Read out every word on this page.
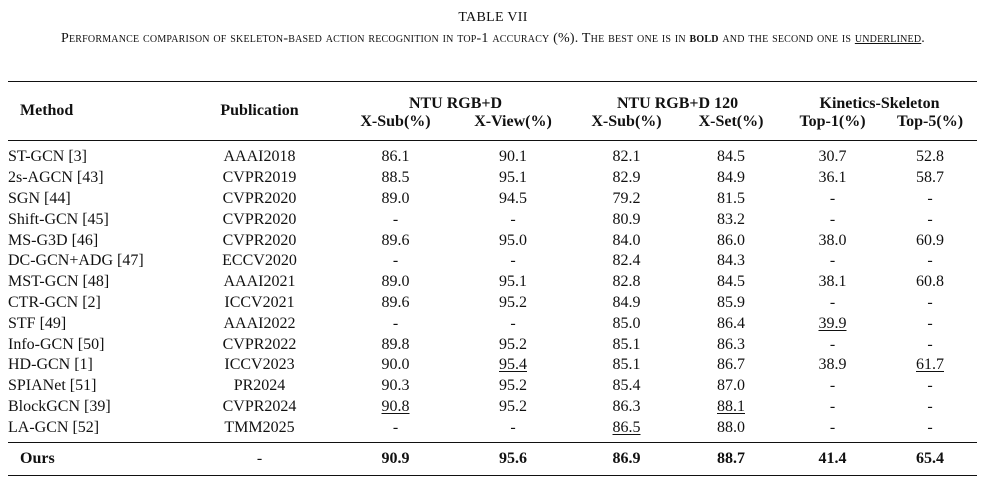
TABLE VII
Performance comparison of skeleton-based action recognition in top-1 accuracy (%). The best one is in bold and the second one is underlined.
Method	Publication	NTU RGB+D		NTU RGB+D 120		Kinetics-Skeleton	
		X-Sub(%)	X-View(%)	X-Sub(%)	X-Set(%)	Top-1(%)	Top-5(%)
ST-GCN [3]	AAAI2018	86.1	90.1	82.1	84.5	30.7	52.8
2s-AGCN [43]	CVPR2019	88.5	95.1	82.9	84.9	36.1	58.7
SGN [44]	CVPR2020	89.0	94.5	79.2	81.5	-	-
Shift-GCN [45]	CVPR2020	-	-	80.9	83.2	-	-
MS-G3D [46]	CVPR2020	89.6	95.0	84.0	86.0	38.0	60.9
DC-GCN+ADG [47]	ECCV2020	-	-	82.4	84.3	-	-
MST-GCN [48]	AAAI2021	89.0	95.1	82.8	84.5	38.1	60.8
CTR-GCN [2]	ICCV2021	89.6	95.2	84.9	85.9	-	-
STF [49]	AAAI2022	-	-	85.0	86.4	39.9	-
Info-GCN [50]	CVPR2022	89.8	95.2	85.1	86.3	-	-
HD-GCN [1]	ICCV2023	90.0	95.4	85.1	86.7	38.9	61.7
SPIANet [51]	PR2024	90.3	95.2	85.4	87.0	-	-
BlockGCN [39]	CVPR2024	90.8	95.2	86.3	88.1	-	-
LA-GCN [52]	TMM2025	-	-	86.5	88.0	-	-
Ours	-	90.9	95.6	86.9	88.7	41.4	65.4
